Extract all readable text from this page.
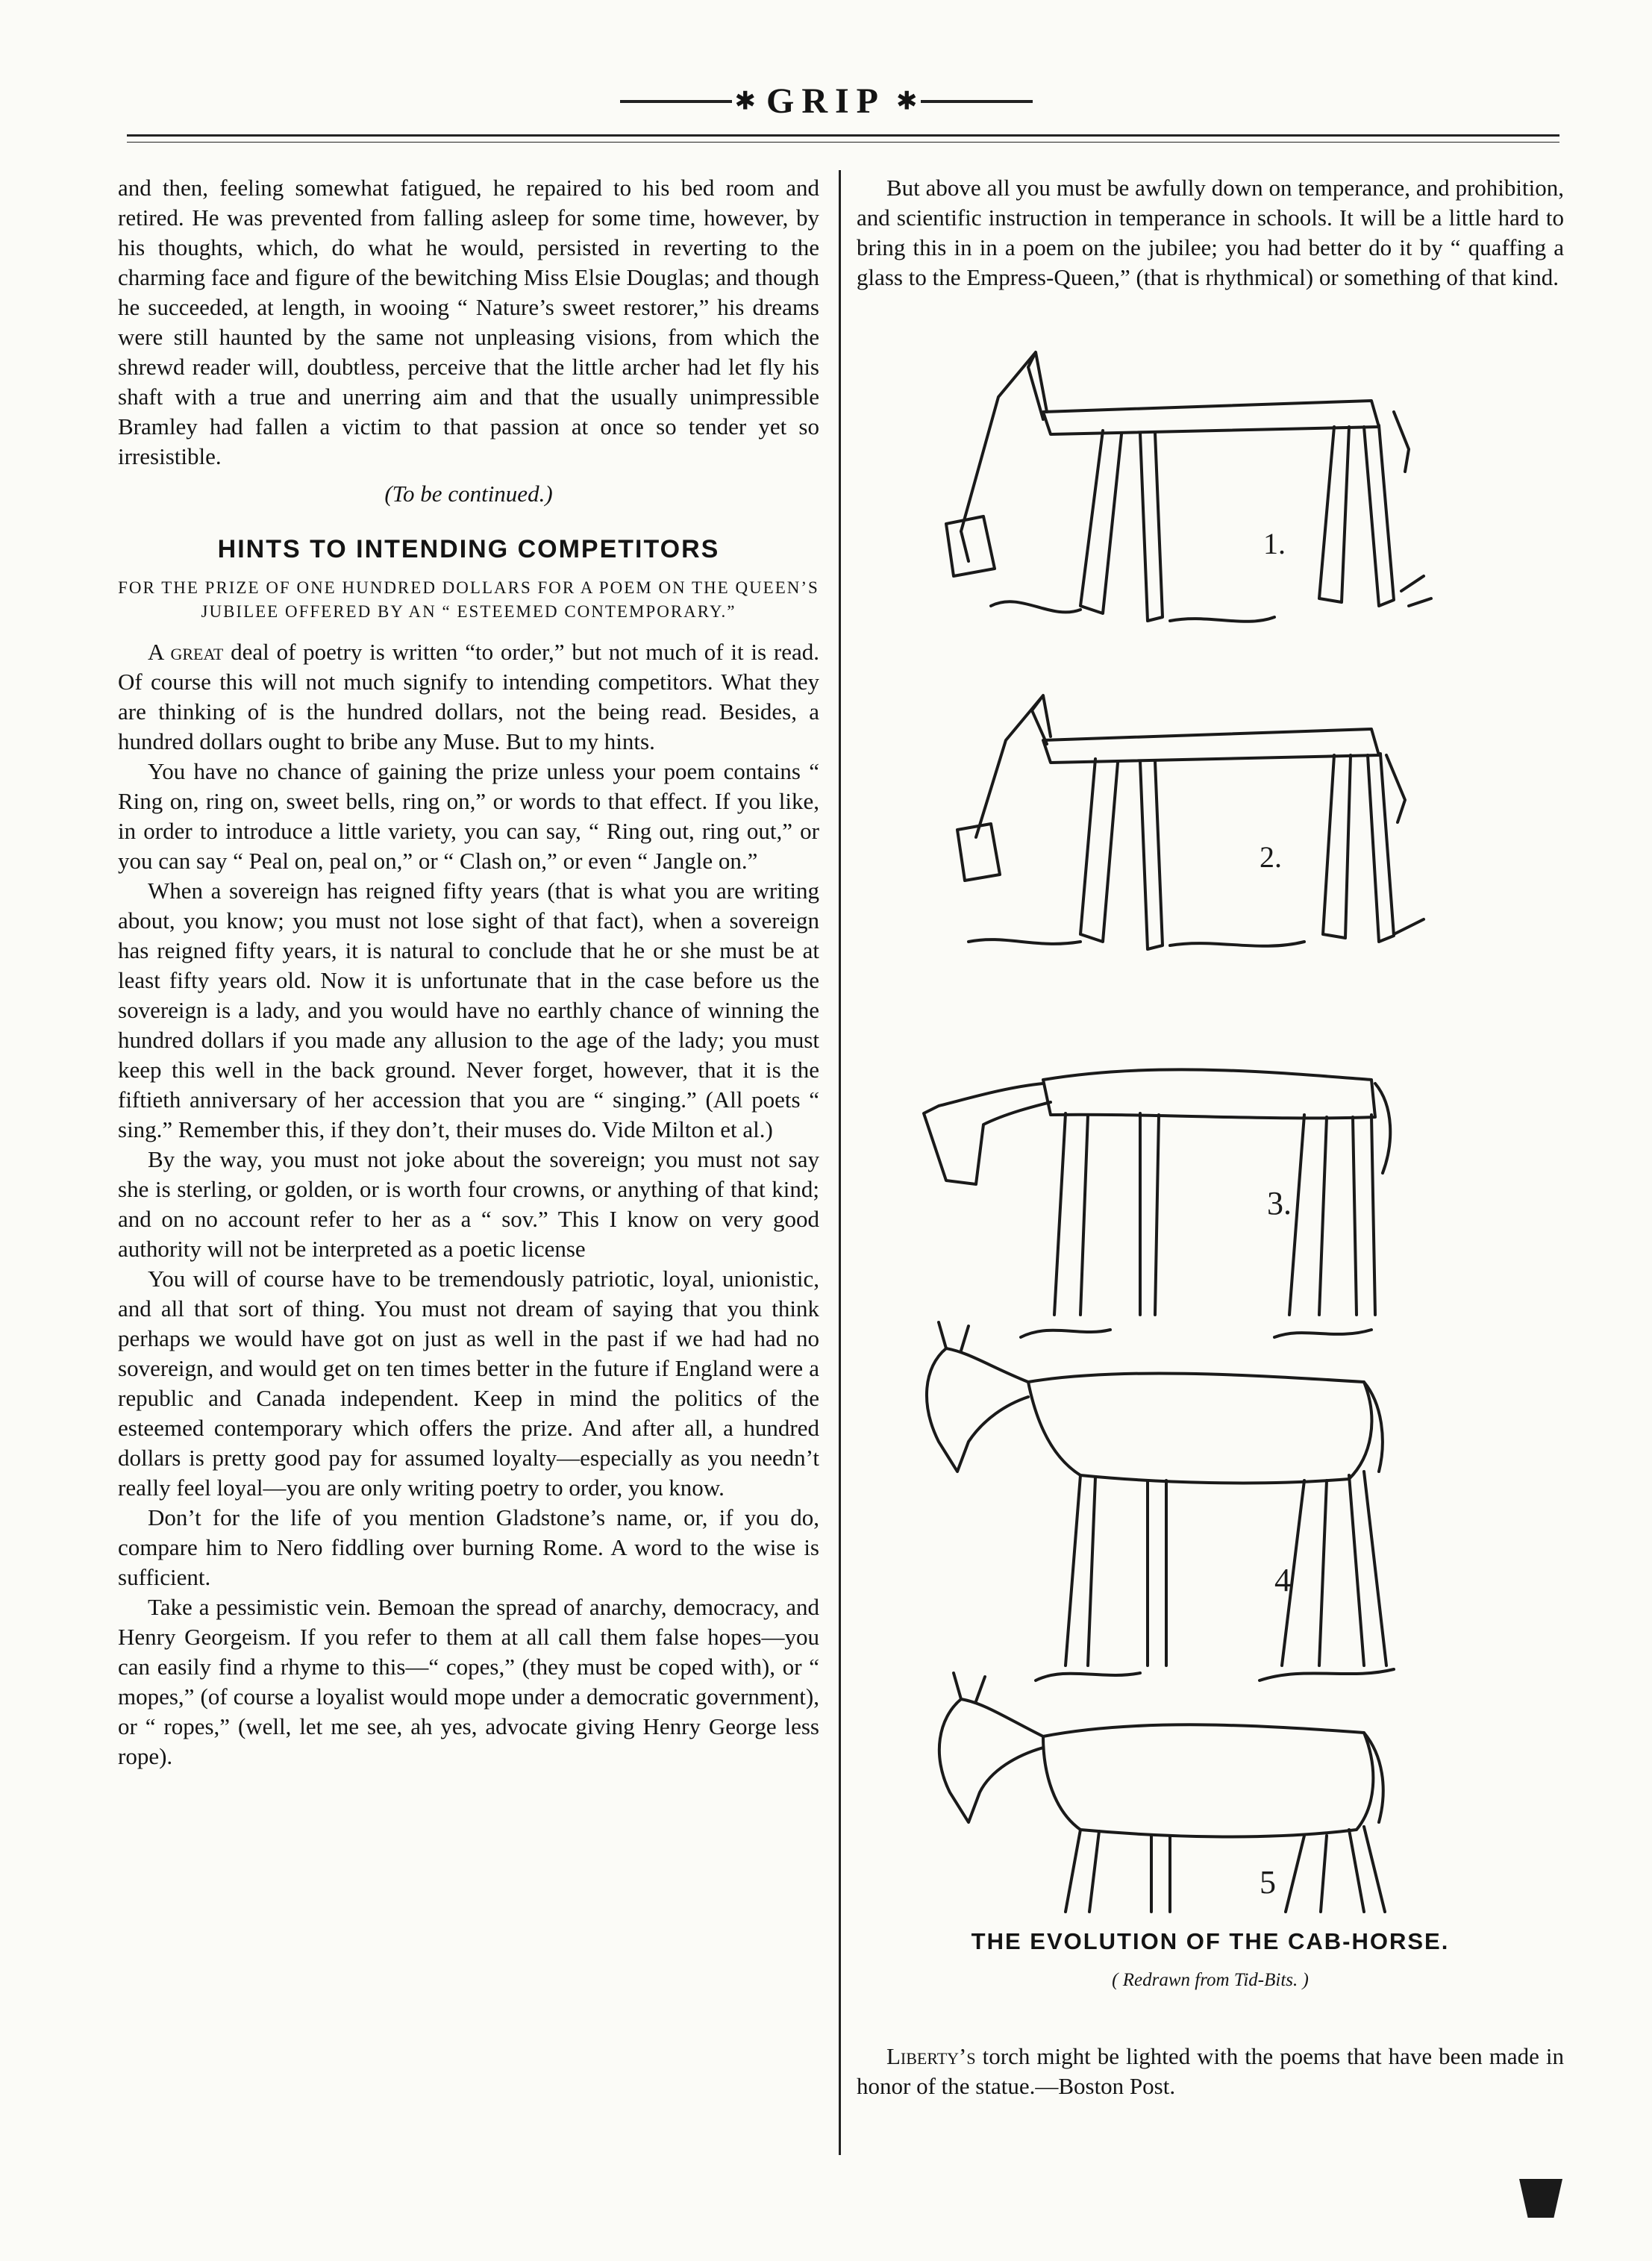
✱ GRIP ✱

and then, feeling somewhat fatigued, he repaired to his bed room and retired. He was prevented from falling asleep for some time, however, by his thoughts, which, do what he would, persisted in reverting to the charming face and figure of the bewitching Miss Elsie Douglas; and though he succeeded, at length, in wooing “ Nature’s sweet restorer,” his dreams were still haunted by the same not unpleasing visions, from which the shrewd reader will, doubtless, perceive that the little archer had let fly his shaft with a true and unerring aim and that the usually unimpressible Bramley had fallen a victim to that passion at once so tender yet so irresistible.

(To be continued.)
HINTS TO INTENDING COMPETITORS
FOR THE PRIZE OF ONE HUNDRED DOLLARS FOR A POEM ON THE QUEEN’S JUBILEE OFFERED BY AN “ ESTEEMED CONTEMPORARY.”

A great deal of poetry is written “to order,” but not much of it is read. Of course this will not much signify to intending competitors. What they are thinking of is the hundred dollars, not the being read. Besides, a hundred dollars ought to bribe any Muse. But to my hints.

You have no chance of gaining the prize unless your poem contains “ Ring on, ring on, sweet bells, ring on,” or words to that effect. If you like, in order to introduce a little variety, you can say, “ Ring out, ring out,” or you can say “ Peal on, peal on,” or “ Clash on,” or even “ Jangle on.”

When a sovereign has reigned fifty years (that is what you are writing about, you know; you must not lose sight of that fact), when a sovereign has reigned fifty years, it is natural to conclude that he or she must be at least fifty years old. Now it is unfortunate that in the case before us the sovereign is a lady, and you would have no earthly chance of winning the hundred dollars if you made any allusion to the age of the lady; you must keep this well in the back ground. Never forget, however, that it is the fiftieth anniversary of her accession that you are “ singing.” (All poets “ sing.” Remember this, if they don’t, their muses do. Vide Milton et al.)

By the way, you must not joke about the sovereign; you must not say she is sterling, or golden, or is worth four crowns, or anything of that kind; and on no account refer to her as a “ sov.” This I know on very good authority will not be interpreted as a poetic license

You will of course have to be tremendously patriotic, loyal, unionistic, and all that sort of thing. You must not dream of saying that you think perhaps we would have got on just as well in the past if we had had no sovereign, and would get on ten times better in the future if England were a republic and Canada independent. Keep in mind the politics of the esteemed contemporary which offers the prize. And after all, a hundred dollars is pretty good pay for assumed loyalty—especially as you needn’t really feel loyal—you are only writing poetry to order, you know.

Don’t for the life of you mention Gladstone’s name, or, if you do, compare him to Nero fiddling over burning Rome. A word to the wise is sufficient.

Take a pessimistic vein. Bemoan the spread of anarchy, democracy, and Henry Georgeism. If you refer to them at all call them false hopes—you can easily find a rhyme to this—“ copes,” (they must be coped with), or “ mopes,” (of course a loyalist would mope under a democratic government), or “ ropes,” (well, let me see, ah yes, advocate giving Henry George less rope).

But above all you must be awfully down on temperance, and prohibition, and scientific instruction in temperance in schools. It will be a little hard to bring this in in a poem on the jubilee; you had better do it by “ quaffing a glass to the Empress-Queen,” (that is rhythmical) or something of that kind.

1.
2.
3.
4
5
THE EVOLUTION OF THE CAB-HORSE.
( Redrawn from Tid-Bits. )

Liberty’s torch might be lighted with the poems that have been made in honor of the statue.—Boston Post.
